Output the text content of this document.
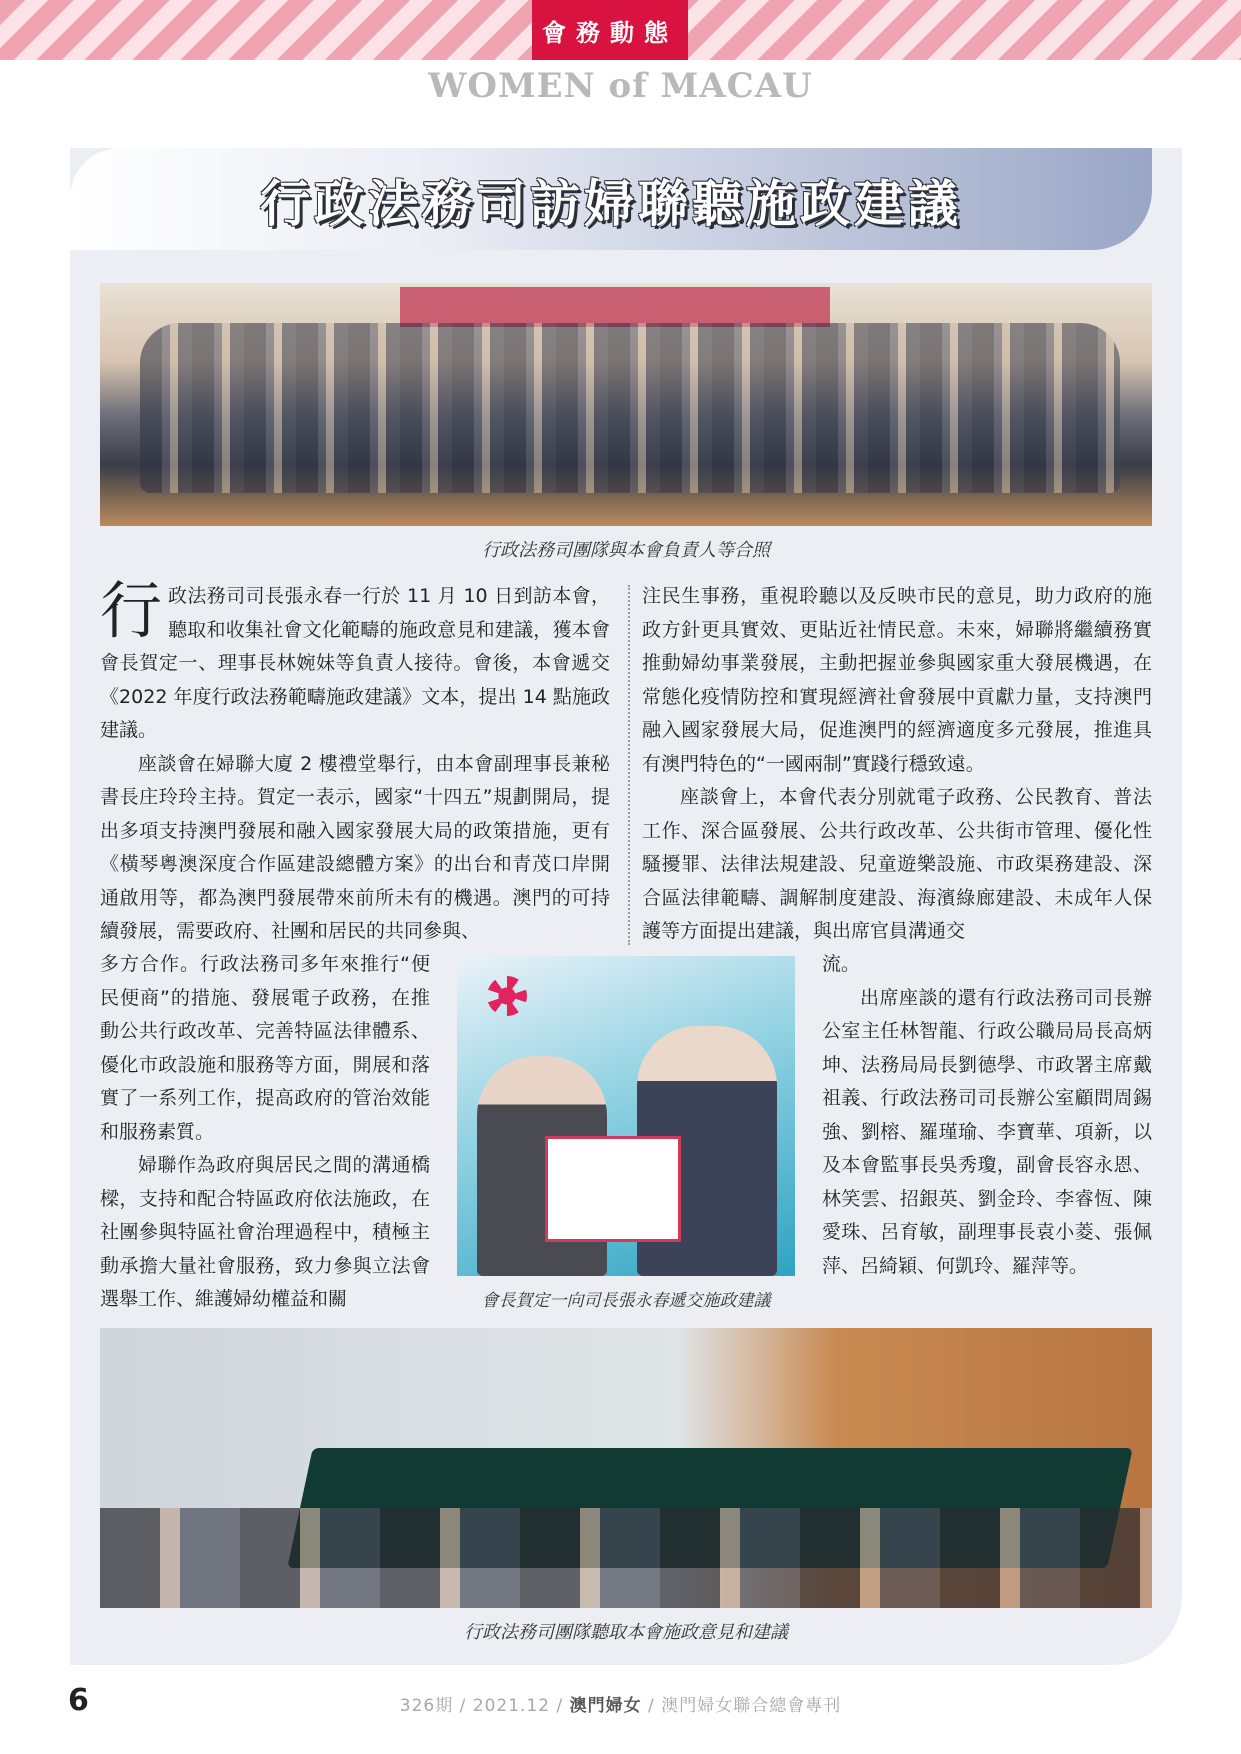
會務動態
WOMEN of MACAU
行政法務司訪婦聯聽施政建議
行政法務司團隊與本會負責人等合照

行政法務司司長張永春一行於 11 月 10 日到訪本會，聽取和收集社會文化範疇的施政意見和建議，獲本會會長賀定一、理事長林婉妹等負責人接待。會後，本會遞交《2022 年度行政法務範疇施政建議》文本，提出 14 點施政建議。

座談會在婦聯大廈 2 樓禮堂舉行，由本會副理事長兼秘書長庄玲玲主持。賀定一表示，國家“十四五”規劃開局，提出多項支持澳門發展和融入國家發展大局的政策措施，更有《橫琴粵澳深度合作區建設總體方案》的出台和青茂口岸開通啟用等，都為澳門發展帶來前所未有的機遇。澳門的可持續發展，需要政府、社團和居民的共同參與、

多方合作。行政法務司多年來推行“便民便商”的措施、發展電子政務，在推動公共行政改革、完善特區法律體系、優化市政設施和服務等方面，開展和落實了一系列工作，提高政府的管治效能和服務素質。

婦聯作為政府與居民之間的溝通橋樑，支持和配合特區政府依法施政，在社團參與特區社會治理過程中，積極主動承擔大量社會服務，致力參與立法會選舉工作、維護婦幼權益和關

注民生事務，重視聆聽以及反映市民的意見，助力政府的施政方針更具實效、更貼近社情民意。未來，婦聯將繼續務實推動婦幼事業發展，主動把握並參與國家重大發展機遇，在常態化疫情防控和實現經濟社會發展中貢獻力量，支持澳門融入國家發展大局，促進澳門的經濟適度多元發展，推進具有澳門特色的“一國兩制”實踐行穩致遠。

座談會上，本會代表分別就電子政務、公民教育、普法工作、深合區發展、公共行政改革、公共街市管理、優化性騷擾罪、法律法規建設、兒童遊樂設施、市政渠務建設、深合區法律範疇、調解制度建設、海濱綠廊建設、未成年人保護等方面提出建議，與出席官員溝通交

流。

出席座談的還有行政法務司司長辦公室主任林智龍、行政公職局局長高炳坤、法務局局長劉德學、市政署主席戴祖義、行政法務司司長辦公室顧問周錫強、劉榕、羅瑾瑜、李寶華、項新，以及本會監事長吳秀瓊，副會長容永恩、林笑雲、招銀英、劉金玲、李睿恆、陳愛珠、呂育敏，副理事長袁小菱、張佩萍、呂綺穎、何凱玲、羅萍等。

會長賀定一向司長張永春遞交施政建議
行政法務司團隊聽取本會施政意見和建議
6	326期 / 2021.12 / 澳門婦女 / 澳門婦女聯合總會專刊
